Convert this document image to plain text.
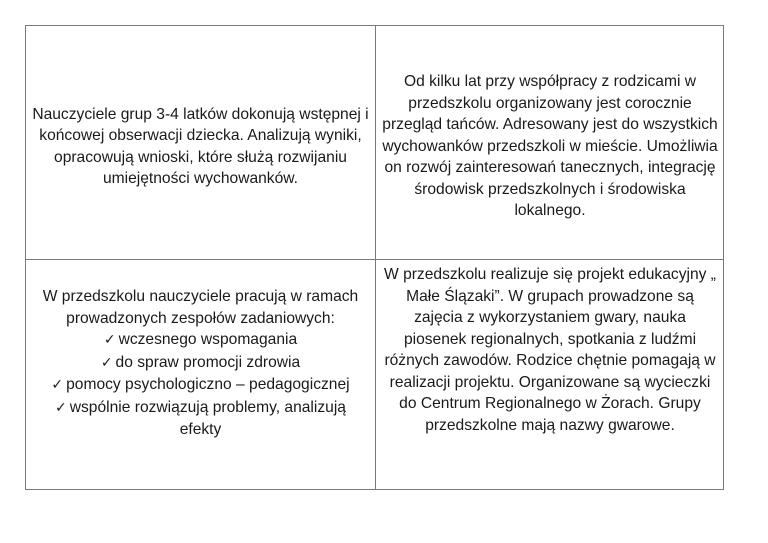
Nauczyciele grup 3-4 latków dokonują wstępnej i końcowej obserwacji dziecka. Analizują wyniki, opracowują wnioski, które służą rozwijaniu umiejętności wychowanków.

Od kilku lat przy współpracy z rodzicami w przedszkolu organizowany jest corocznie przegląd tańców. Adresowany jest do wszystkich wychowanków przedszkoli w mieście. Umożliwia on rozwój zainteresowań tanecznych, integrację środowisk przedszkolnych i środowiska lokalnego.

W przedszkolu nauczyciele pracują w ramach prowadzonych zespołów zadaniowych:

✓ wczesnego wspomagania
✓ do spraw promocji zdrowia
✓ pomocy psychologiczno – pedagogicznej
✓ wspólnie rozwiązują problemy, analizują

efekty

W przedszkolu realizuje się projekt edukacyjny „ Małe Ślązaki”. W grupach prowadzone są zajęcia z wykorzystaniem gwary, nauka piosenek regionalnych, spotkania z ludźmi różnych zawodów. Rodzice chętnie pomagają w realizacji projektu. Organizowane są wycieczki do Centrum Regionalnego w Żorach. Grupy przedszkolne mają nazwy gwarowe.
